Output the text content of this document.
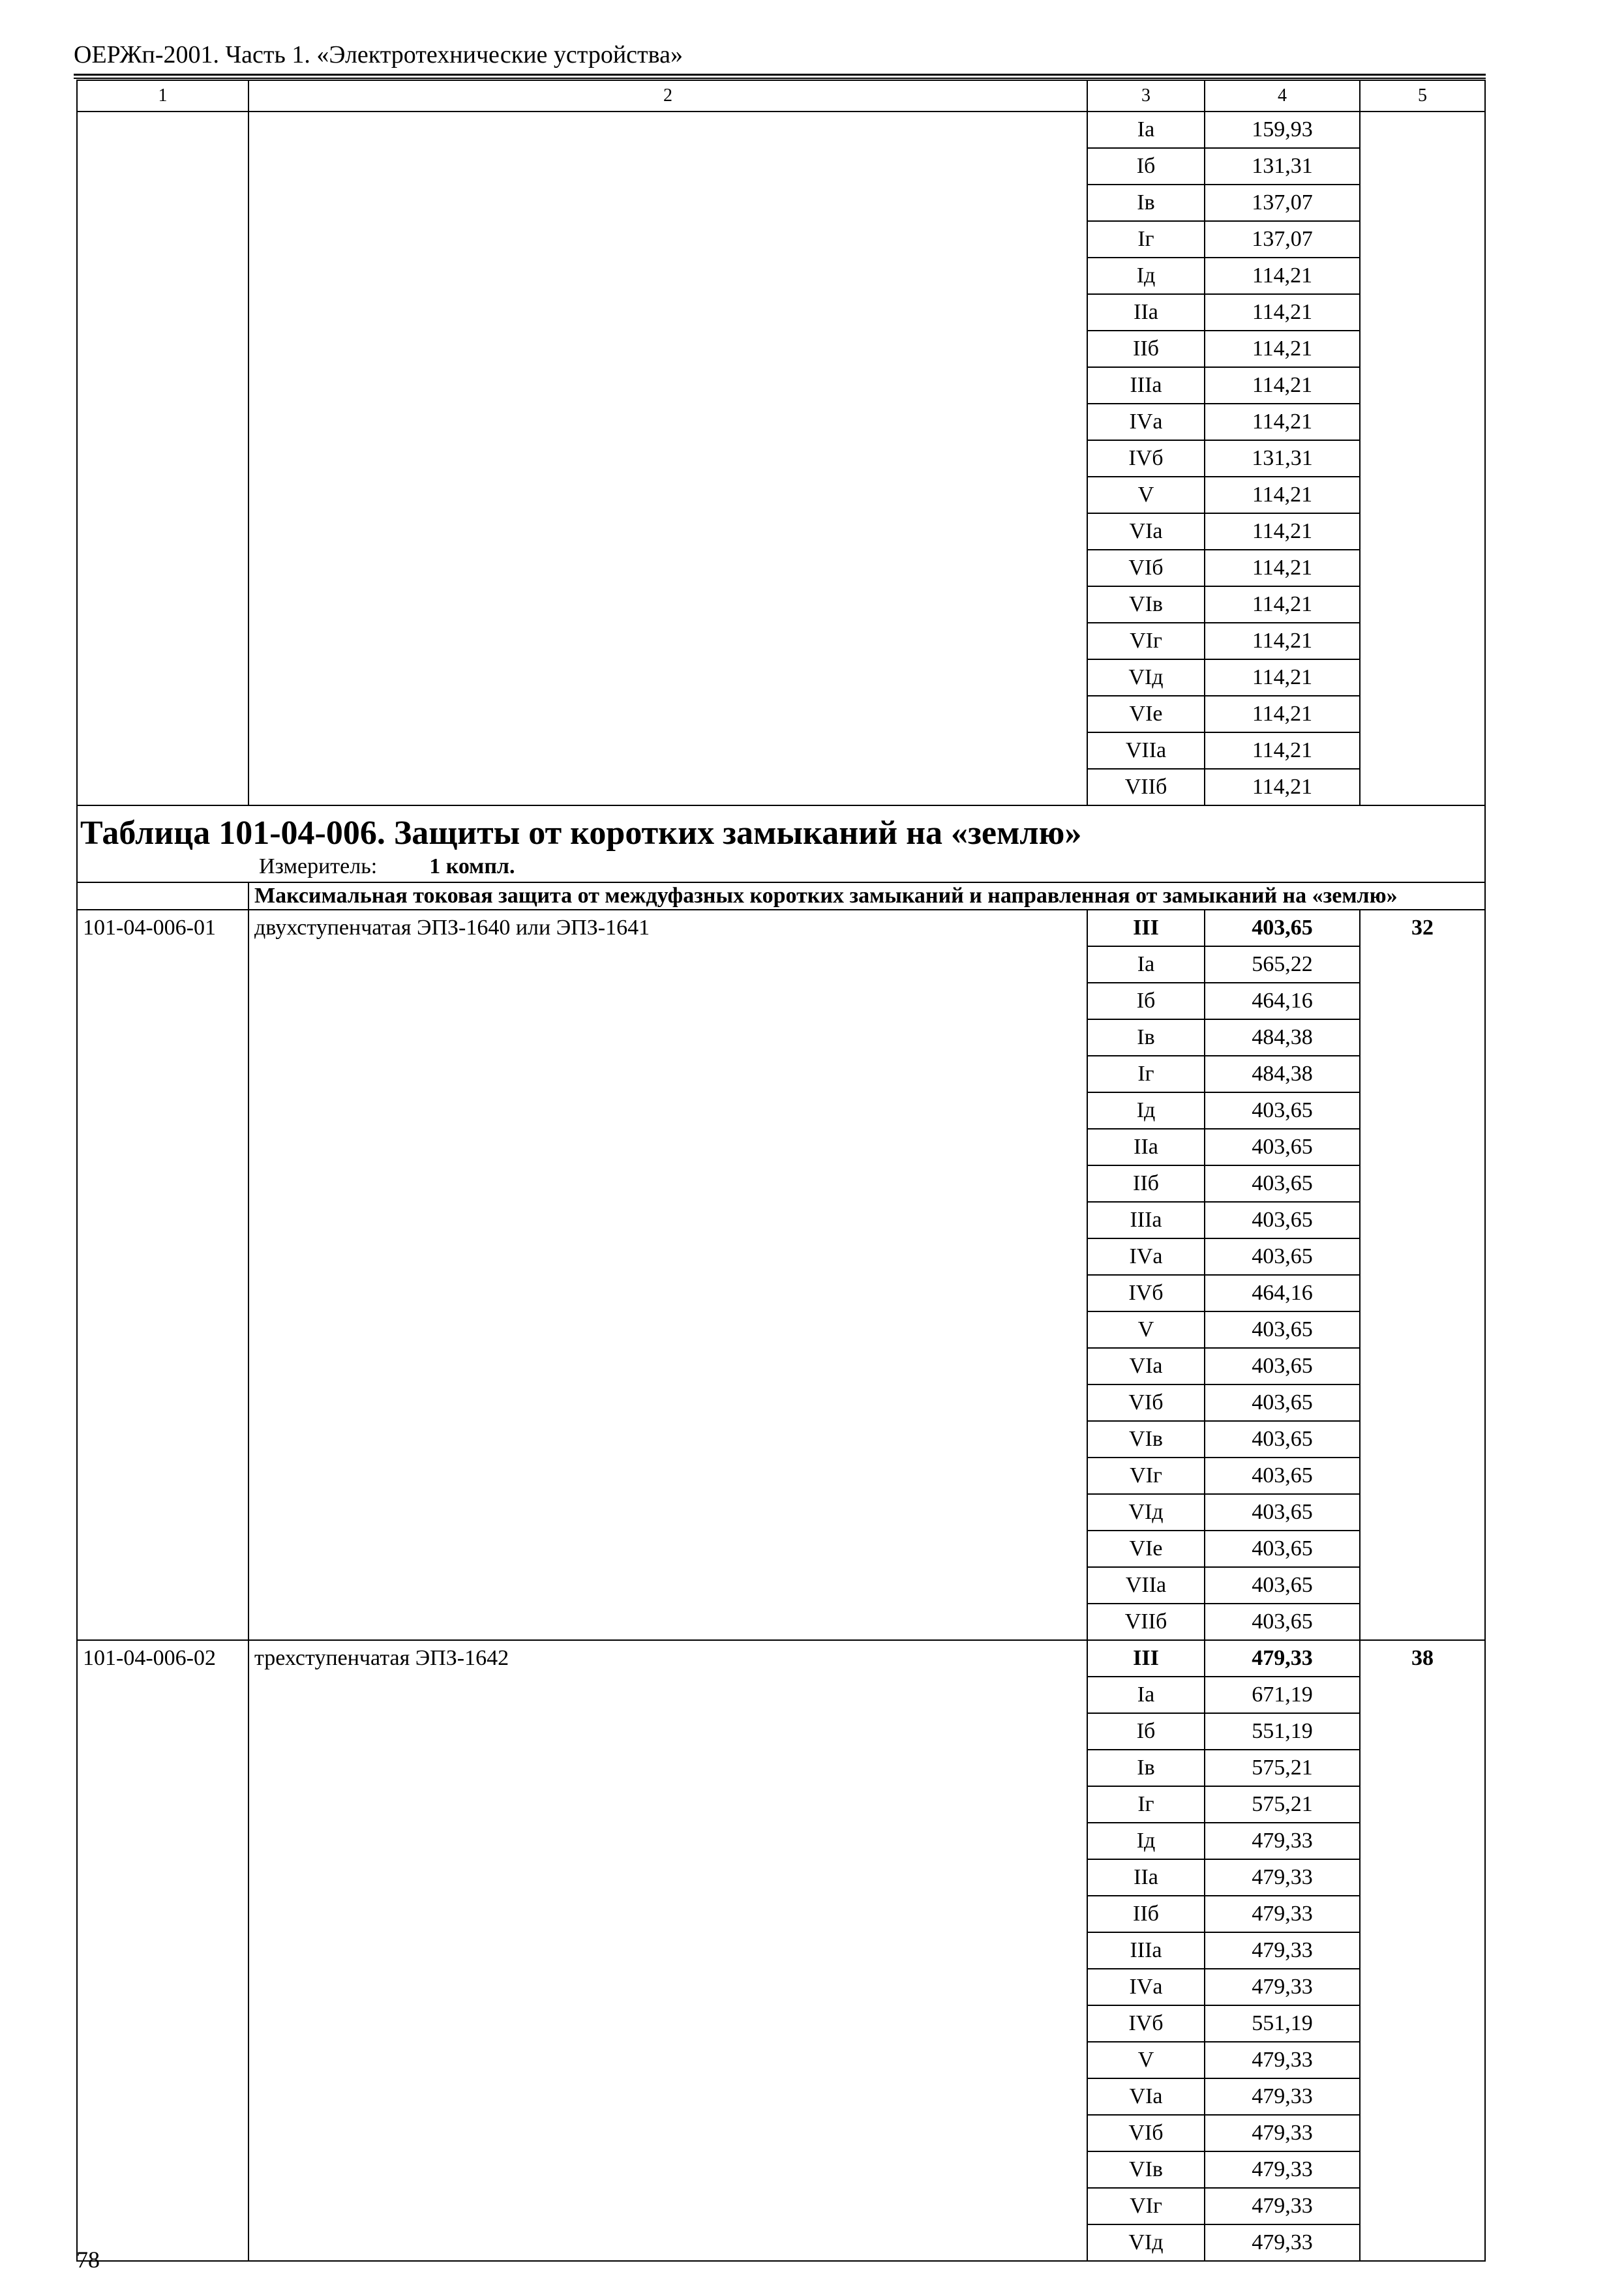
ОЕРЖп-2001. Часть 1. «Электротехнические устройства»
1	2	3	4	5
		Iа	159,93	
		Iб	131,31	
		Iв	137,07	
		Iг	137,07	
		Iд	114,21	
		IIа	114,21	
		IIб	114,21	
		IIIа	114,21	
		IVа	114,21	
		IVб	131,31	
		V	114,21	
		VIа	114,21	
		VIб	114,21	
		VIв	114,21	
		VIг	114,21	
		VIд	114,21	
		VIе	114,21	
		VIIа	114,21	
		VIIб	114,21	

Таблица 101-04-006. Защиты от коротких замыканий на «землю»
Измеритель: 1 компл.				

	Максимальная токовая защита от междуфазных коротких замыканий и направленная от замыканий на «землю»			
101-04-006-01	двухступенчатая ЭПЗ-1640 или ЭПЗ-1641	III	403,65	32
		Iа	565,22	
		Iб	464,16	
		Iв	484,38	
		Iг	484,38	
		Iд	403,65	
		IIа	403,65	
		IIб	403,65	
		IIIа	403,65	
		IVа	403,65	
		IVб	464,16	
		V	403,65	
		VIа	403,65	
		VIб	403,65	
		VIв	403,65	
		VIг	403,65	
		VIд	403,65	
		VIе	403,65	
		VIIа	403,65	
		VIIб	403,65	
101-04-006-02	трехступенчатая ЭПЗ-1642	III	479,33	38
		Iа	671,19	
		Iб	551,19	
		Iв	575,21	
		Iг	575,21	
		Iд	479,33	
		IIа	479,33	
		IIб	479,33	
		IIIа	479,33	
		IVа	479,33	
		IVб	551,19	
		V	479,33	
		VIа	479,33	
		VIб	479,33	
		VIв	479,33	
		VIг	479,33	
		VIд	479,33	
78
